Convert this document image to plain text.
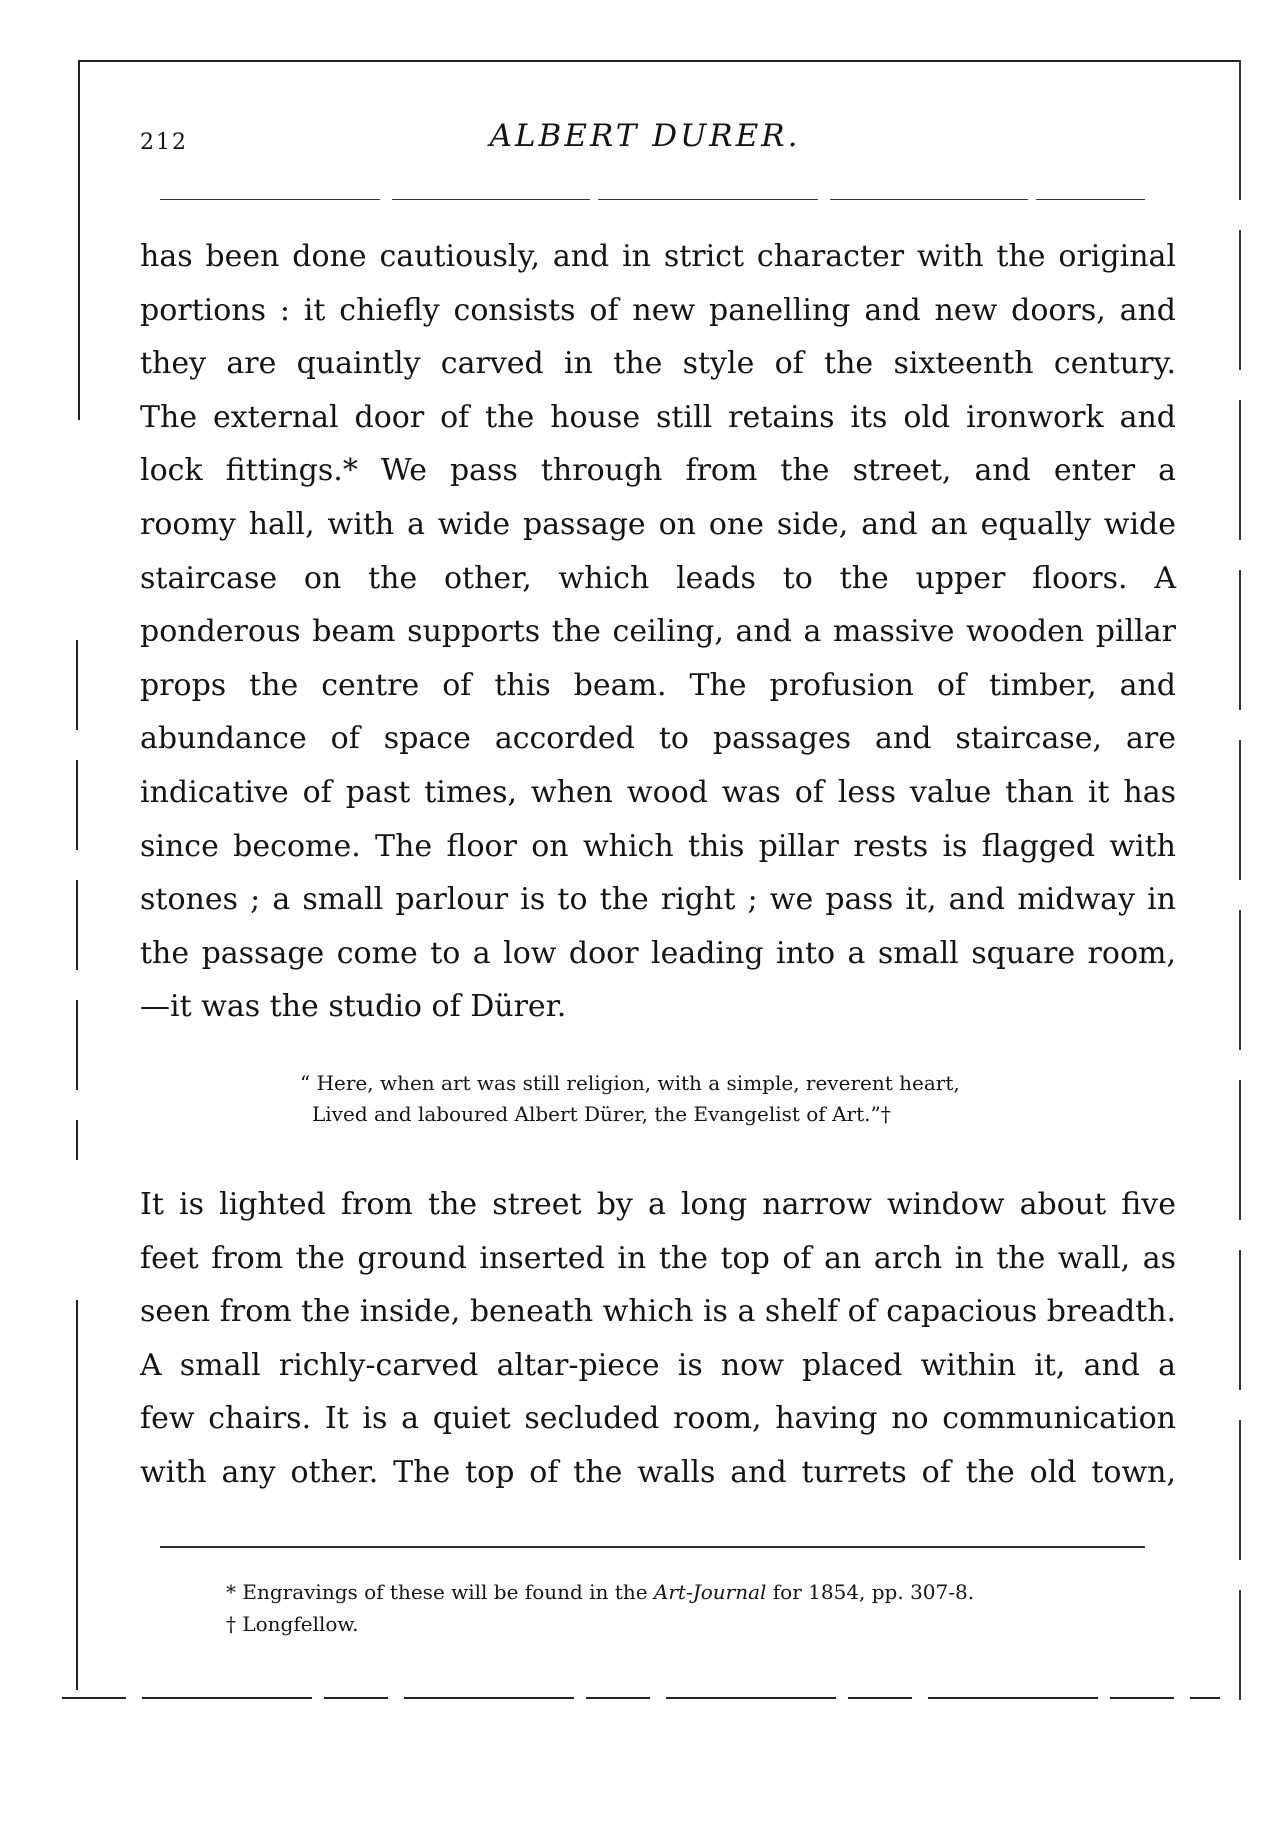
212	ALBERT DURER.

has been done cautiously, and in strict character with the original
portions : it chiefly consists of new panelling and new doors, and
they are quaintly carved in the style of the sixteenth century.
The external door of the house still retains its old ironwork and
lock fittings.* We pass through from the street, and enter a
roomy hall, with a wide passage on one side, and an equally wide
staircase on the other, which leads to the upper floors. A
ponderous beam supports the ceiling, and a massive wooden pillar
props the centre of this beam. The profusion of timber, and
abundance of space accorded to passages and staircase, are
indicative of past times, when wood was of less value than it has
since become. The floor on which this pillar rests is flagged with
stones ; a small parlour is to the right ; we pass it, and midway in
the passage come to a low door leading into a small square room,
—it was the studio of Dürer.

“ Here, when art was still religion, with a simple, reverent heart,
Lived and laboured Albert Dürer, the Evangelist of Art.”†

It is lighted from the street by a long narrow window about five
feet from the ground inserted in the top of an arch in the wall, as
seen from the inside, beneath which is a shelf of capacious breadth.
A small richly-carved altar-piece is now placed within it, and a
few chairs. It is a quiet secluded room, having no communication
with any other. The top of the walls and turrets of the old town,

* Engravings of these will be found in the Art-Journal for 1854, pp. 307-8.
† Longfellow.
